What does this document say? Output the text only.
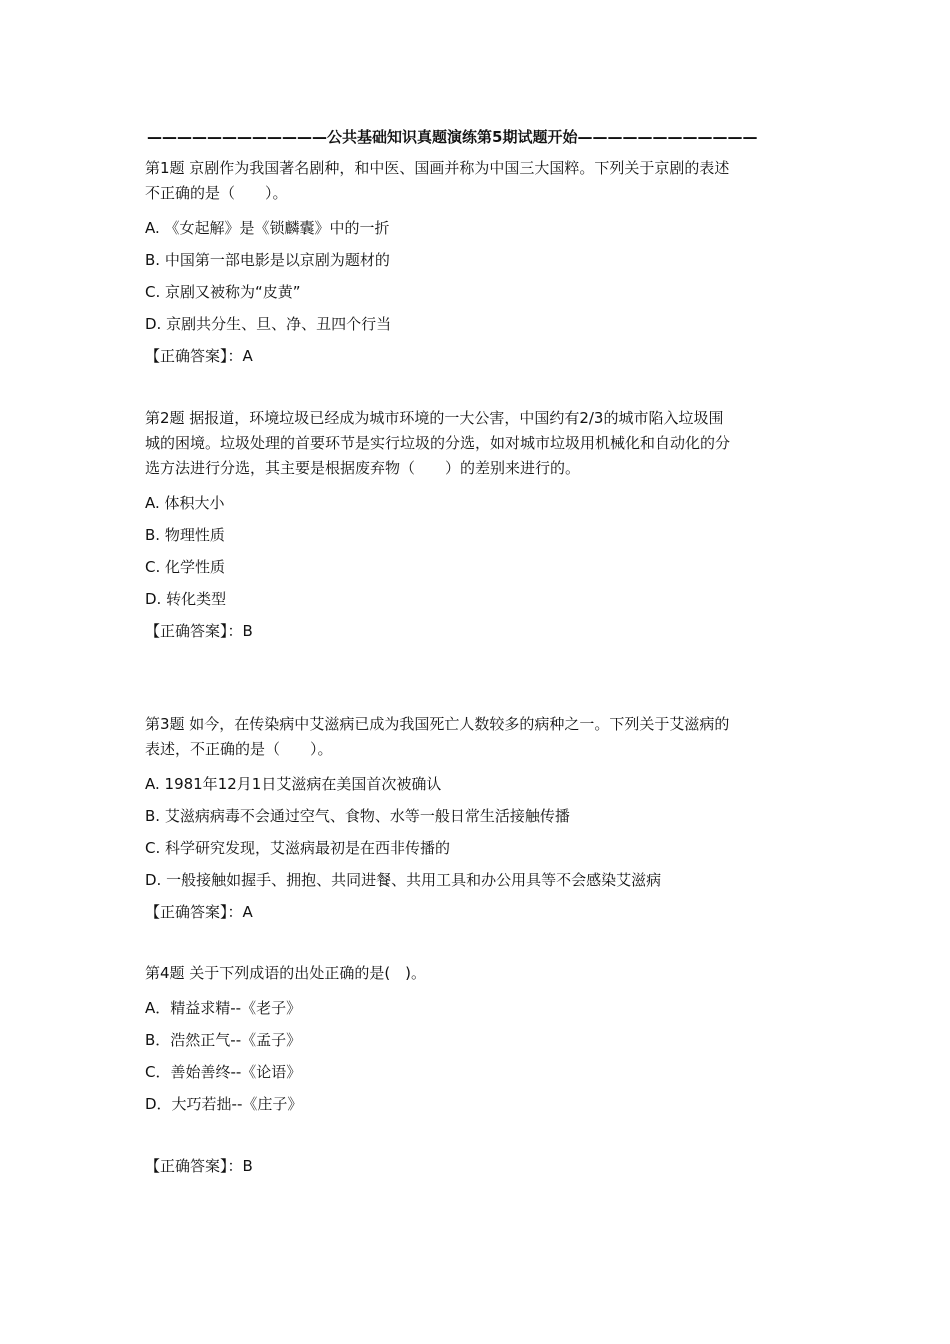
————————————公共基础知识真题演练第5期试题开始————————————

第1题 京剧作为我国著名剧种，和中医、国画并称为中国三大国粹。下列关于京剧的表述

不正确的是（　　）。

A. 《女起解》是《锁麟囊》中的一折

B. 中国第一部电影是以京剧为题材的

C. 京剧又被称为“皮黄”

D. 京剧共分生、旦、净、丑四个行当

【正确答案】：A

第2题 据报道，环境垃圾已经成为城市环境的一大公害，中国约有2/3的城市陷入垃圾围

城的困境。垃圾处理的首要环节是实行垃圾的分选，如对城市垃圾用机械化和自动化的分

选方法进行分选，其主要是根据废弃物（　　）的差别来进行的。

A. 体积大小

B. 物理性质

C. 化学性质

D. 转化类型

【正确答案】：B

第3题 如今，在传染病中艾滋病已成为我国死亡人数较多的病种之一。下列关于艾滋病的

表述，不正确的是（　　）。

A. 1981年12月1日艾滋病在美国首次被确认

B. 艾滋病病毒不会通过空气、食物、水等一般日常生活接触传播

C. 科学研究发现，艾滋病最初是在西非传播的

D. 一般接触如握手、拥抱、共同进餐、共用工具和办公用具等不会感染艾滋病

【正确答案】：A

第4题 关于下列成语的出处正确的是(　)。

A．精益求精--《老子》

B．浩然正气--《孟子》

C．善始善终--《论语》

D．大巧若拙--《庄子》

【正确答案】：B
